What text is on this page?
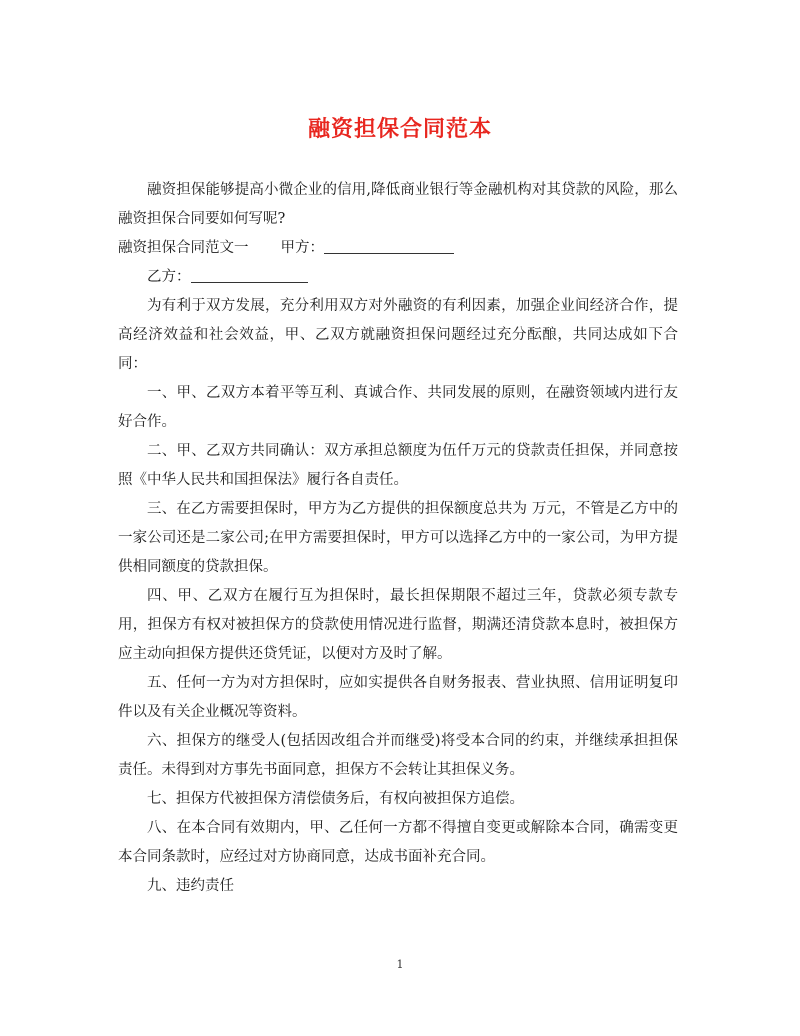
融资担保合同范本

融资担保能够提高小微企业的信用,降低商业银行等金融机构对其贷款的风险，那么融资担保合同要如何写呢?

融资担保合同范文一 甲方：

乙方：

为有利于双方发展，充分利用双方对外融资的有利因素，加强企业间经济合作，提高经济效益和社会效益，甲、乙双方就融资担保问题经过充分酝酿，共同达成如下合同：

一、甲、乙双方本着平等互利、真诚合作、共同发展的原则，在融资领域内进行友好合作。

二、甲、乙双方共同确认：双方承担总额度为伍仟万元的贷款责任担保，并同意按照《中华人民共和国担保法》履行各自责任。

三、在乙方需要担保时，甲方为乙方提供的担保额度总共为 万元，不管是乙方中的一家公司还是二家公司;在甲方需要担保时，甲方可以选择乙方中的一家公司，为甲方提供相同额度的贷款担保。

四、甲、乙双方在履行互为担保时，最长担保期限不超过三年，贷款必须专款专用，担保方有权对被担保方的贷款使用情况进行监督，期满还清贷款本息时，被担保方应主动向担保方提供还贷凭证，以便对方及时了解。

五、任何一方为对方担保时，应如实提供各自财务报表、营业执照、信用证明复印件以及有关企业概况等资料。

六、担保方的继受人(包括因改组合并而继受)将受本合同的约束，并继续承担担保责任。未得到对方事先书面同意，担保方不会转让其担保义务。

七、担保方代被担保方清偿债务后，有权向被担保方追偿。

八、在本合同有效期内，甲、乙任何一方都不得擅自变更或解除本合同，确需变更本合同条款时，应经过对方协商同意，达成书面补充合同。

九、违约责任

1
